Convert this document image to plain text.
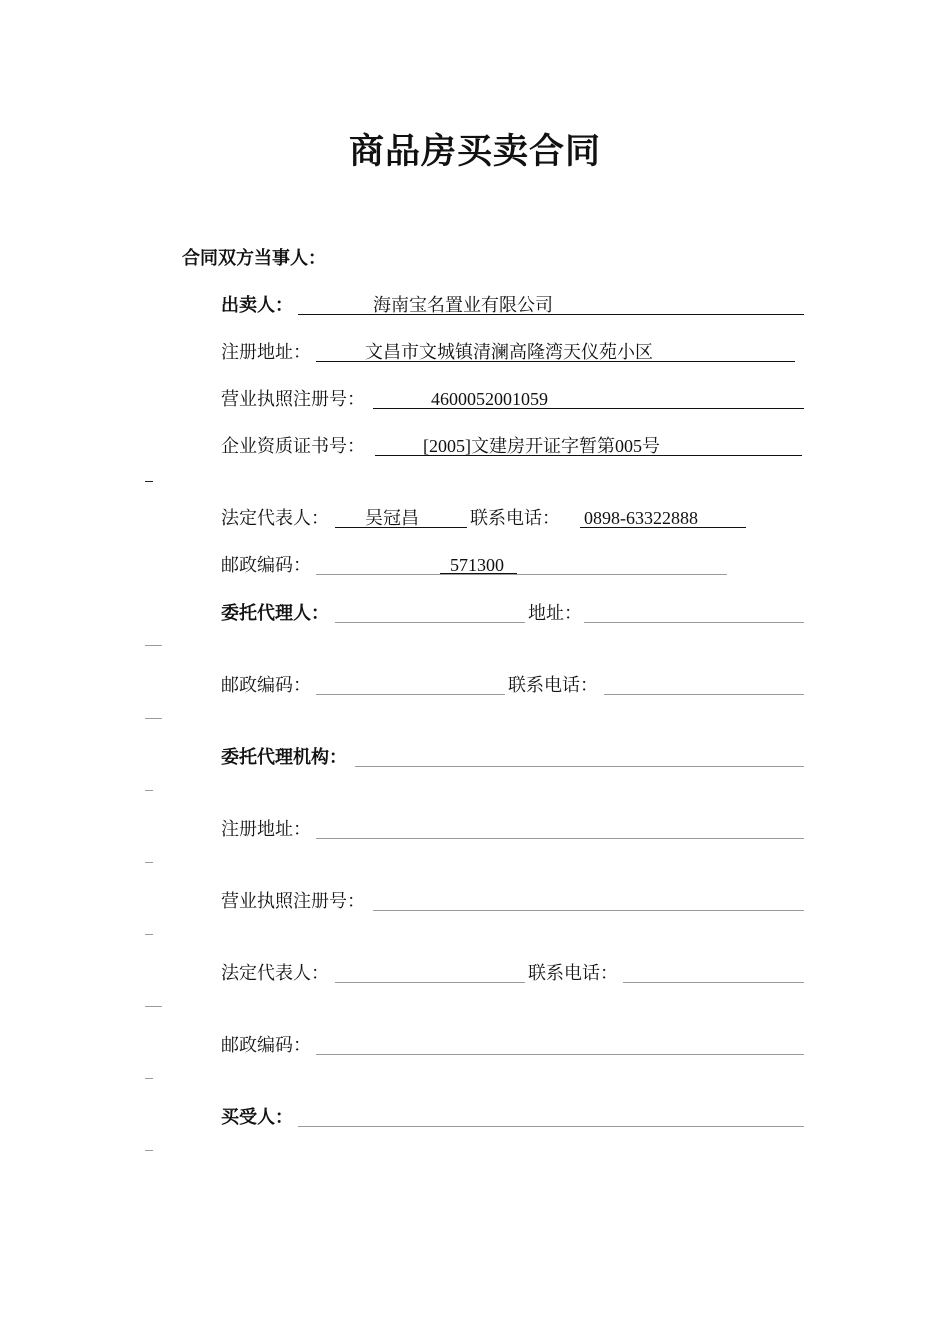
商品房买卖合同
合同双方当事人：
出卖人：	海南宝名置业有限公司
注册地址：	文昌市文城镇清澜高隆湾天仪苑小区
营业执照注册号：	4600052001059
企业资质证书号：	[2005]文建房开证字暂第005号
法定代表人： 吴冠昌	联系电话： 0898-63322888
邮政编码：	571300
委托代理人：	地址：
邮政编码：	联系电话：
委托代理机构：
注册地址：
营业执照注册号：
法定代表人：	联系电话：
邮政编码：
买受人：
